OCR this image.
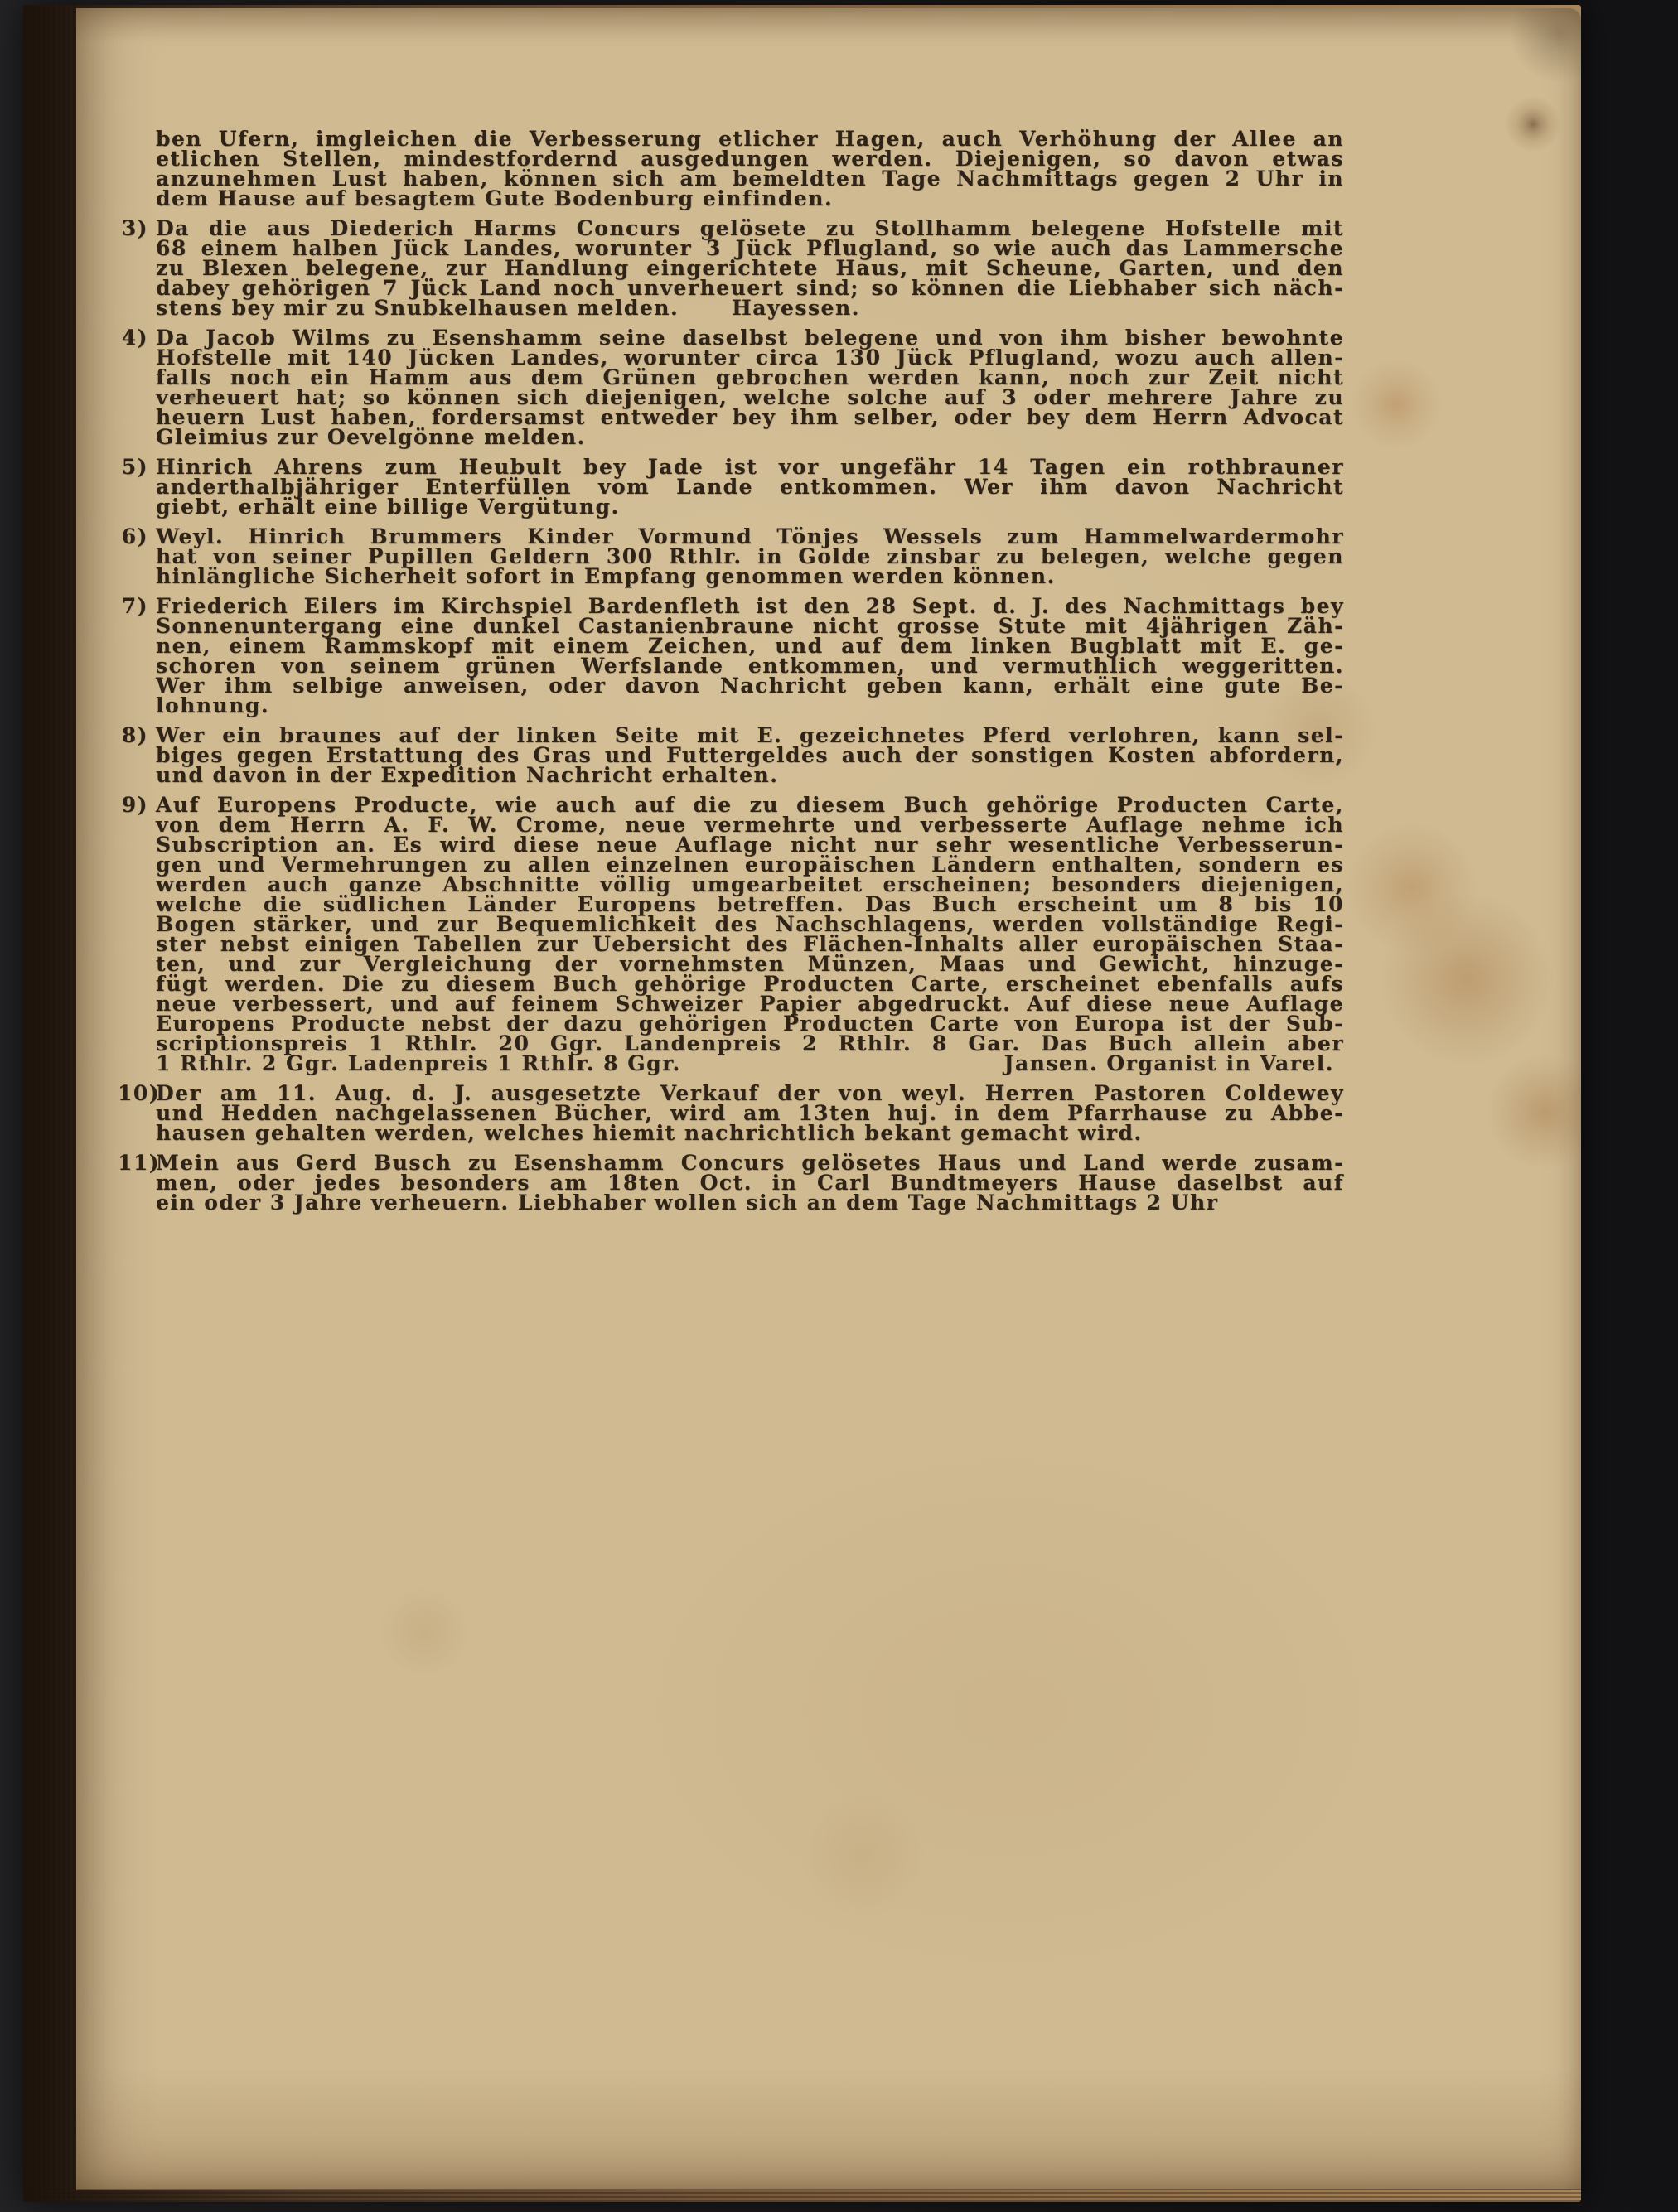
ben Ufern, imgleichen die Verbesserung etlicher Hagen, auch Verhöhung der Allee an
etlichen Stellen, mindestfordernd ausgedungen werden. Diejenigen, so davon etwas
anzunehmen Lust haben, können sich am bemeldten Tage Nachmittags gegen 2 Uhr in
dem Hause auf besagtem Gute Bodenburg einfinden.
3) Da die aus Diederich Harms Concurs gelösete zu Stollhamm belegene Hofstelle mit
68 einem halben Jück Landes, worunter 3 Jück Pflugland, so wie auch das Lammersche
zu Blexen belegene, zur Handlung eingerichtete Haus, mit Scheune, Garten, und den
dabey gehörigen 7 Jück Land noch unverheuert sind; so können die Liebhaber sich näch-
stens bey mir zu Snubkelhausen melden.	Hayessen.
4) Da Jacob Wilms zu Esenshamm seine daselbst belegene und von ihm bisher bewohnte
Hofstelle mit 140 Jücken Landes, worunter circa 130 Jück Pflugland, wozu auch allen-
falls noch ein Hamm aus dem Grünen gebrochen werden kann, noch zur Zeit nicht
verheuert hat; so können sich diejenigen, welche solche auf 3 oder mehrere Jahre zu
heuern Lust haben, fordersamst entweder bey ihm selber, oder bey dem Herrn Advocat
Gleimius zur Oevelgönne melden.
5) Hinrich Ahrens zum Heubult bey Jade ist vor ungefähr 14 Tagen ein rothbrauner
anderthalbjähriger Enterfüllen vom Lande entkommen. Wer ihm davon Nachricht
giebt, erhält eine billige Vergütung.
6) Weyl. Hinrich Brummers Kinder Vormund Tönjes Wessels zum Hammelwardermohr
hat von seiner Pupillen Geldern 300 Rthlr. in Golde zinsbar zu belegen, welche gegen
hinlängliche Sicherheit sofort in Empfang genommen werden können.
7) Friederich Eilers im Kirchspiel Bardenfleth ist den 28 Sept. d. J. des Nachmittags bey
Sonnenuntergang eine dunkel Castanienbraune nicht grosse Stute mit 4jährigen Zäh-
nen, einem Rammskopf mit einem Zeichen, und auf dem linken Bugblatt mit E. ge-
schoren von seinem grünen Werfslande entkommen, und vermuthlich weggeritten.
Wer ihm selbige anweisen, oder davon Nachricht geben kann, erhält eine gute Be-
lohnung.
8) Wer ein braunes auf der linken Seite mit E. gezeichnetes Pferd verlohren, kann sel-
biges gegen Erstattung des Gras und Futtergeldes auch der sonstigen Kosten abfordern,
und davon in der Expedition Nachricht erhalten.
9) Auf Europens Producte, wie auch auf die zu diesem Buch gehörige Producten Carte,
von dem Herrn A. F. W. Crome, neue vermehrte und verbesserte Auflage nehme ich
Subscription an. Es wird diese neue Auflage nicht nur sehr wesentliche Verbesserun-
gen und Vermehrungen zu allen einzelnen europäischen Ländern enthalten, sondern es
werden auch ganze Abschnitte völlig umgearbeitet erscheinen; besonders diejenigen,
welche die südlichen Länder Europens betreffen. Das Buch erscheint um 8 bis 10
Bogen stärker, und zur Bequemlichkeit des Nachschlagens, werden vollständige Regi-
ster nebst einigen Tabellen zur Uebersicht des Flächen-Inhalts aller europäischen Staa-
ten, und zur Vergleichung der vornehmsten Münzen, Maas und Gewicht, hinzuge-
fügt werden. Die zu diesem Buch gehörige Producten Carte, erscheinet ebenfalls aufs
neue verbessert, und auf feinem Schweizer Papier abgedruckt. Auf diese neue Auflage
Europens Producte nebst der dazu gehörigen Producten Carte von Europa ist der Sub-
scriptionspreis 1 Rthlr. 20 Ggr. Landenpreis 2 Rthlr. 8 Gar. Das Buch allein aber
1 Rthlr. 2 Ggr. Ladenpreis 1 Rthlr. 8 Ggr.	Jansen. Organist in Varel.
10)
Der am 11. Aug. d. J. ausgesetzte Verkauf der von weyl. Herren Pastoren Coldewey
und Hedden nachgelassenen Bücher, wird am 13ten huj. in dem Pfarrhause zu Abbe-
hausen gehalten werden, welches hiemit nachrichtlich bekant gemacht wird.
11)
Mein aus Gerd Busch zu Esenshamm Concurs gelösetes Haus und Land werde zusam-
men, oder jedes besonders am 18ten Oct. in Carl Bundtmeyers Hause daselbst auf
ein oder 3 Jahre verheuern. Liebhaber wollen sich an dem Tage Nachmittags 2 Uhr
